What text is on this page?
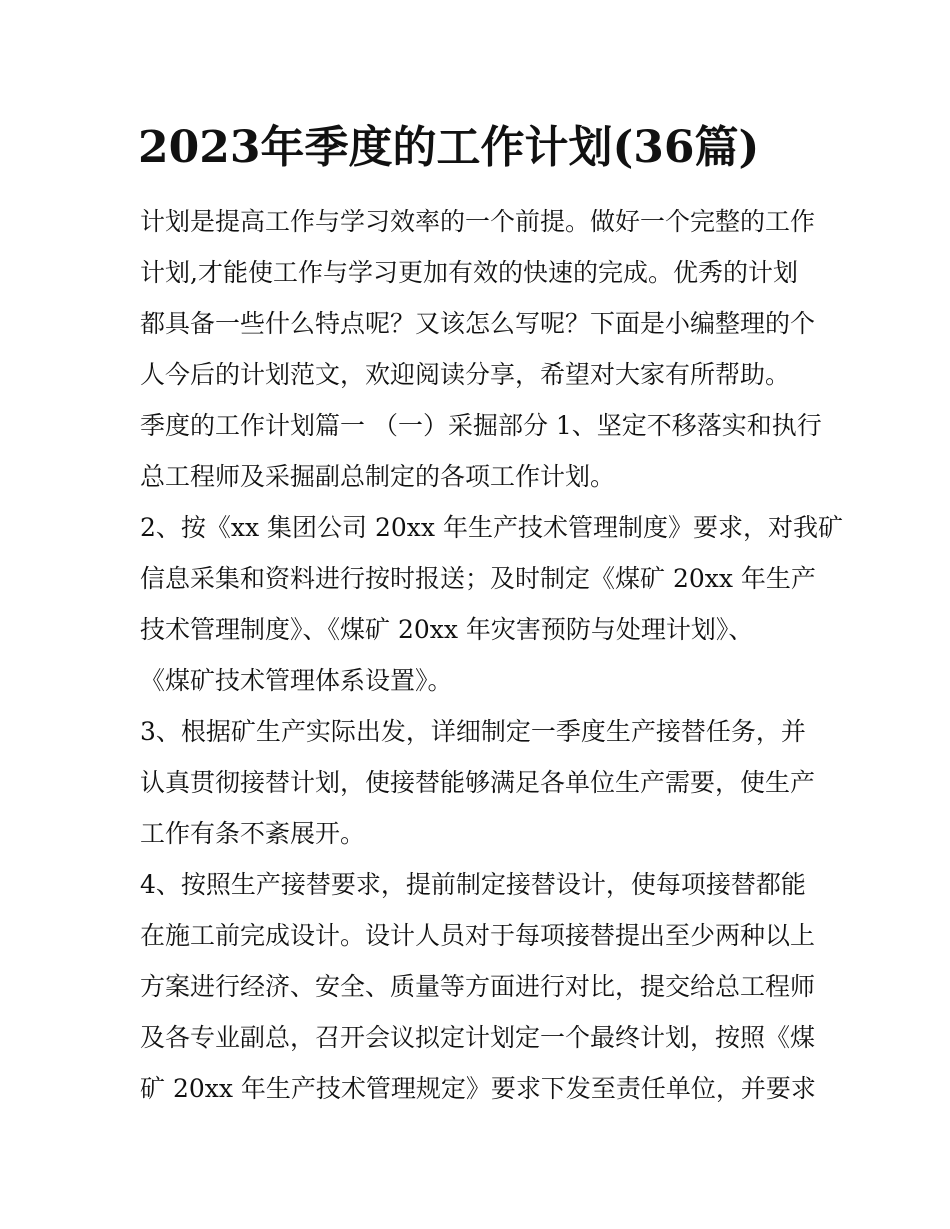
2023年季度的工作计划(36篇)
计划是提高工作与学习效率的一个前提。做好一个完整的工作
计划,才能使工作与学习更加有效的快速的完成。优秀的计划
都具备一些什么特点呢？又该怎么写呢？下面是小编整理的个
人今后的计划范文，欢迎阅读分享，希望对大家有所帮助。
季度的工作计划篇一 （一）采掘部分 1、坚定不移落实和执行
总工程师及采掘副总制定的各项工作计划。
2、按《xx 集团公司 20xx 年生产技术管理制度》要求，对我矿
信息采集和资料进行按时报送；及时制定《煤矿 20xx 年生产
技术管理制度》、《煤矿 20xx 年灾害预防与处理计划》、
《煤矿技术管理体系设置》。
3、根据矿生产实际出发，详细制定一季度生产接替任务，并
认真贯彻接替计划，使接替能够满足各单位生产需要，使生产
工作有条不紊展开。
4、按照生产接替要求，提前制定接替设计，使每项接替都能
在施工前完成设计。设计人员对于每项接替提出至少两种以上
方案进行经济、安全、质量等方面进行对比，提交给总工程师
及各专业副总，召开会议拟定计划定一个最终计划，按照《煤
矿 20xx 年生产技术管理规定》要求下发至责任单位，并要求
